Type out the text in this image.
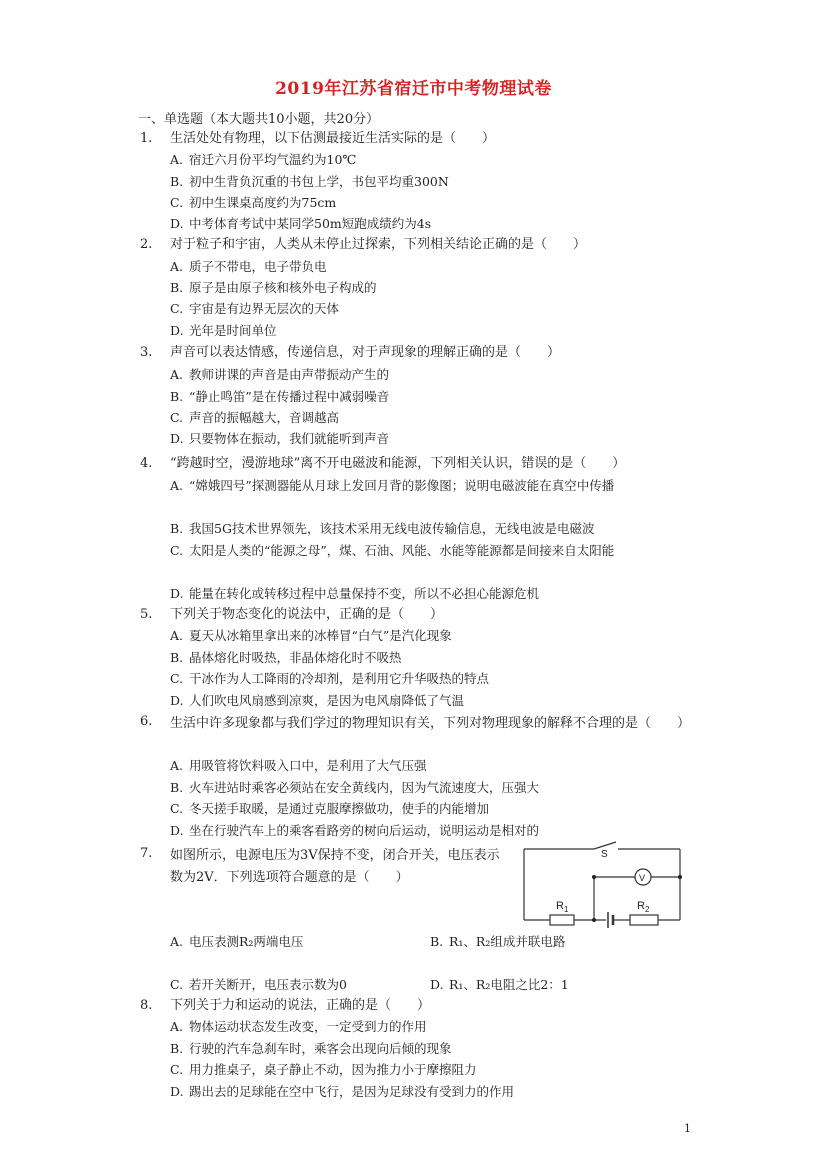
2019年江苏省宿迁市中考物理试卷
一、单选题（本大题共10小题，共20分）
1.	生活处处有物理，以下估测最接近生活实际的是（　　）
A. 宿迁六月份平均气温约为10℃
B. 初中生背负沉重的书包上学，书包平均重300N
C. 初中生课桌高度约为75cm
D. 中考体育考试中某同学50m短跑成绩约为4s
2.	对于粒子和宇宙，人类从未停止过探索，下列相关结论正确的是（　　）
A. 质子不带电，电子带负电
B. 原子是由原子核和核外电子构成的
C. 宇宙是有边界无层次的天体
D. 光年是时间单位
3.	声音可以表达情感，传递信息，对于声现象的理解正确的是（　　）
A. 教师讲课的声音是由声带振动产生的
B. “静止鸣笛”是在传播过程中减弱噪音
C. 声音的振幅越大，音调越高
D. 只要物体在振动，我们就能听到声音
4.	“跨越时空，漫游地球”离不开电磁波和能源，下列相关认识，错误的是（　　）
A. “嫦娥四号”探测器能从月球上发回月背的影像图；说明电磁波能在真空中传播
B. 我国5G技术世界领先，该技术采用无线电波传输信息，无线电波是电磁波
C. 太阳是人类的“能源之母”，煤、石油、风能、水能等能源都是间接来自太阳能
D. 能量在转化或转移过程中总量保持不变，所以不必担心能源危机
5.	下列关于物态变化的说法中，正确的是（　　）
A. 夏天从冰箱里拿出来的冰棒冒“白气”是汽化现象
B. 晶体熔化时吸热，非晶体熔化时不吸热
C. 干冰作为人工降雨的冷却剂，是利用它升华吸热的特点
D. 人们吹电风扇感到凉爽，是因为电风扇降低了气温
6.	生活中许多现象都与我们学过的物理知识有关，下列对物理现象的解释不合理的是（　　）
A. 用吸管将饮料吸入口中，是利用了大气压强
B. 火车进站时乘客必须站在安全黄线内，因为气流速度大，压强大
C. 冬天搓手取暖，是通过克服摩擦做功，使手的内能增加
D. 坐在行驶汽车上的乘客看路旁的树向后运动，说明运动是相对的
7.	如图所示，电源电压为3V保持不变，闭合开关，电压表示数为2V．下列选项符合题意的是（　　）
S
V
$R_1$	$R_2$
A. 电压表测R₂两端电压	B. R₁、R₂组成并联电路
C. 若开关断开，电压表示数为0	D. R₁、R₂电阻之比2：1
8.	下列关于力和运动的说法，正确的是（　　）
A. 物体运动状态发生改变，一定受到力的作用
B. 行驶的汽车急刹车时，乘客会出现向后倾的现象
C. 用力推桌子，桌子静止不动，因为推力小于摩擦阻力
D. 踢出去的足球能在空中飞行，是因为足球没有受到力的作用
1
